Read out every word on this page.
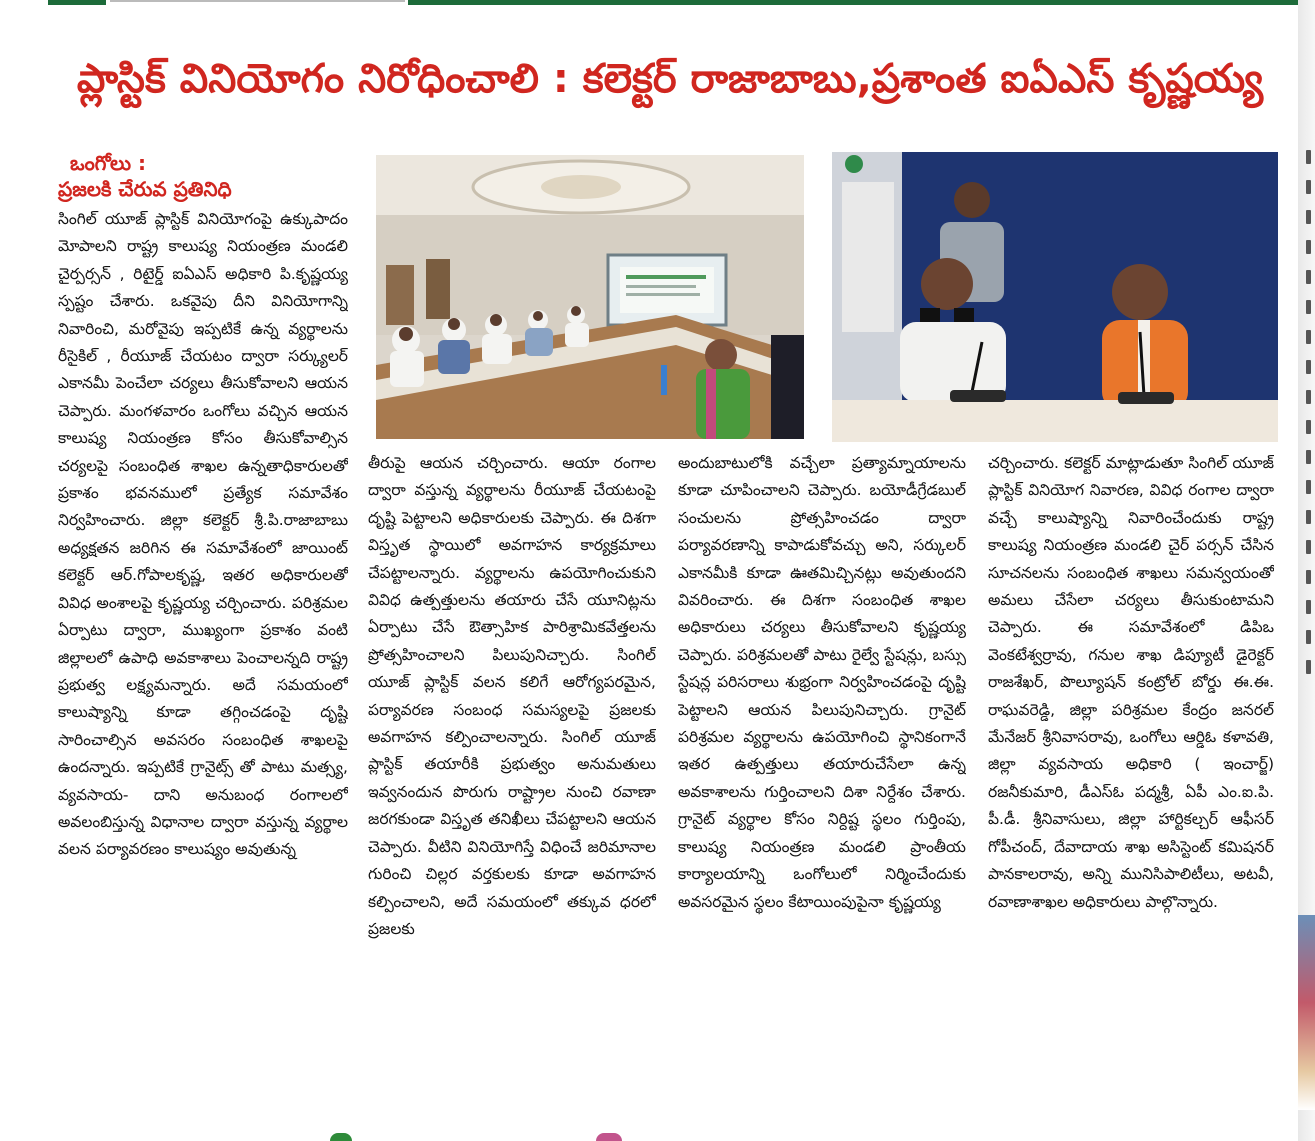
ప్లాస్టిక్ వినియోగం నిరోధించాలి : కలెక్టర్ రాజాబాబు,ప్రశాంత ఐఏఎస్ కృష్ణయ్య
ఒంగోలు :
ప్రజలకి చేరువ ప్రతినిధి
సింగిల్ యూజ్ ప్లాస్టిక్ వినియోగంపై ఉక్కుపాదం మోపాలని రాష్ట్ర కాలుష్య నియంత్రణ మండలి చైర్పర్సన్ , రిటైర్డ్ ఐఏఎస్ అధికారి పి.కృష్ణయ్య స్పష్టం చేశారు. ఒకవైపు దీని వినియోగాన్ని నివారించి, మరోవైపు ఇప్పటికే ఉన్న వ్యర్థాలను రీసైకిల్ , రీయూజ్ చేయటం ద్వారా సర్క్యులర్ ఎకానమీ పెంచేలా చర్యలు తీసుకోవాలని ఆయన చెప్పారు. మంగళవారం ఒంగోలు వచ్చిన ఆయన కాలుష్య నియంత్రణ కోసం తీసుకోవాల్సిన చర్యలపై సంబంధిత శాఖల ఉన్నతాధికారులతో ప్రకాశం భవనములో ప్రత్యేక సమావేశం నిర్వహించారు. జిల్లా కలెక్టర్ శ్రీ.పి.రాజాబాబు అధ్యక్షతన జరిగిన ఈ సమావేశంలో జాయింట్ కలెక్టర్ ఆర్.గోపాలకృష్ణ, ఇతర అధికారులతో వివిధ అంశాలపై కృష్ణయ్య చర్చించారు. పరిశ్రమల ఏర్పాటు ద్వారా, ముఖ్యంగా ప్రకాశం వంటి జిల్లాలలో ఉపాధి అవకాశాలు పెంచాలన్నది రాష్ట్ర ప్రభుత్వ లక్ష్యమన్నారు. అదే సమయంలో కాలుష్యాన్ని కూడా తగ్గించడంపై దృష్టి సారించాల్సిన అవసరం సంబంధిత శాఖలపై ఉందన్నారు. ఇప్పటికే గ్రానైట్స్ తో పాటు మత్స్య, వ్యవసాయ- దాని అనుబంధ రంగాలలో అవలంబిస్తున్న విధానాల ద్వారా వస్తున్న వ్యర్థాల వలన పర్యావరణం కాలుష్యం అవుతున్న
తీరుపై ఆయన చర్చించారు. ఆయా రంగాల ద్వారా వస్తున్న వ్యర్థాలను రీయూజ్ చేయటంపై దృష్టి పెట్టాలని అధికారులకు చెప్పారు. ఈ దిశగా విస్తృత స్థాయిలో అవగాహన కార్యక్రమాలు చేపట్టాలన్నారు. వ్యర్థాలను ఉపయోగించుకుని వివిధ ఉత్పత్తులను తయారు చేసే యూనిట్లను ఏర్పాటు చేసే ఔత్సాహిక పారిశ్రామికవేత్తలను ప్రోత్సహించాలని పిలుపునిచ్చారు. సింగిల్ యూజ్ ప్లాస్టిక్ వలన కలిగే ఆరోగ్యపరమైన, పర్యావరణ సంబంధ సమస్యలపై ప్రజలకు అవగాహన కల్పించాలన్నారు. సింగిల్ యూజ్ ప్లాస్టిక్ తయారీకి ప్రభుత్వం అనుమతులు ఇవ్వనందున పొరుగు రాష్ట్రాల నుంచి రవాణా జరగకుండా విస్తృత తనిఖీలు చేపట్టాలని ఆయన చెప్పారు. వీటిని వినియోగిస్తే విధించే జరిమానాల గురించి చిల్లర వర్తకులకు కూడా అవగాహన కల్పించాలని, అదే సమయంలో తక్కువ ధరలో ప్రజలకు
అందుబాటులోకి వచ్చేలా ప్రత్యామ్నాయాలను కూడా చూపించాలని చెప్పారు. బయోడీగ్రేడబుల్ సంచులను ప్రోత్సహించడం ద్వారా పర్యావరణాన్ని కాపాడుకోవచ్చు అని, సర్కులర్ ఎకానమీకి కూడా ఊతమిచ్చినట్లు అవుతుందని వివరించారు. ఈ దిశగా సంబంధిత శాఖల అధికారులు చర్యలు తీసుకోవాలని కృష్ణయ్య చెప్పారు. పరిశ్రమలతో పాటు రైల్వే స్టేషన్లు, బస్సు స్టేషన్ల పరిసరాలు శుభ్రంగా నిర్వహించడంపై దృష్టి పెట్టాలని ఆయన పిలుపునిచ్చారు. గ్రానైట్ పరిశ్రమల వ్యర్థాలను ఉపయోగించి స్థానికంగానే ఇతర ఉత్పత్తులు తయారుచేసేలా ఉన్న అవకాశాలను గుర్తించాలని దిశా నిర్దేశం చేశారు. గ్రానైట్ వ్యర్థాల కోసం నిర్దిష్ట స్థలం గుర్తింపు, కాలుష్య నియంత్రణ మండలి ప్రాంతీయ కార్యాలయాన్ని ఒంగోలులో నిర్మించేందుకు అవసరమైన స్థలం కేటాయింపుపైనా కృష్ణయ్య
చర్చించారు. కలెక్టర్ మాట్లాడుతూ సింగిల్ యూజ్ ప్లాస్టిక్ వినియోగ నివారణ, వివిధ రంగాల ద్వారా వచ్చే కాలుష్యాన్ని నివారించేందుకు రాష్ట్ర కాలుష్య నియంత్రణ మండలి చైర్ పర్సన్ చేసిన సూచనలను సంబంధిత శాఖలు సమన్వయంతో అమలు చేసేలా చర్యలు తీసుకుంటామని చెప్పారు. ఈ సమావేశంలో డిపిఒ వెంకటేశ్వర్రావు, గనుల శాఖ డిప్యూటీ డైరెక్టర్ రాజశేఖర్, పొల్యూషన్ కంట్రోల్ బోర్డు ఈ.ఈ. రాఘవరెడ్డి, జిల్లా పరిశ్రమల కేంద్రం జనరల్ మేనేజర్ శ్రీనివాసరావు, ఒంగోలు ఆర్డిఓ కళావతి, జిల్లా వ్యవసాయ అధికారి ( ఇంచార్జ్) రజనీకుమారి, డీఎస్ఓ పద్మశ్రీ, ఏపీ ఎం.ఐ.పి. పీ.డీ. శ్రీనివాసులు, జిల్లా హార్టికల్చర్ ఆఫీసర్ గోపీచంద్, దేవాదాయ శాఖ అసిస్టెంట్ కమిషనర్ పానకాలరావు, అన్ని మునిసిపాలిటీలు, అటవీ, రవాణాశాఖల అధికారులు పాల్గొన్నారు.
